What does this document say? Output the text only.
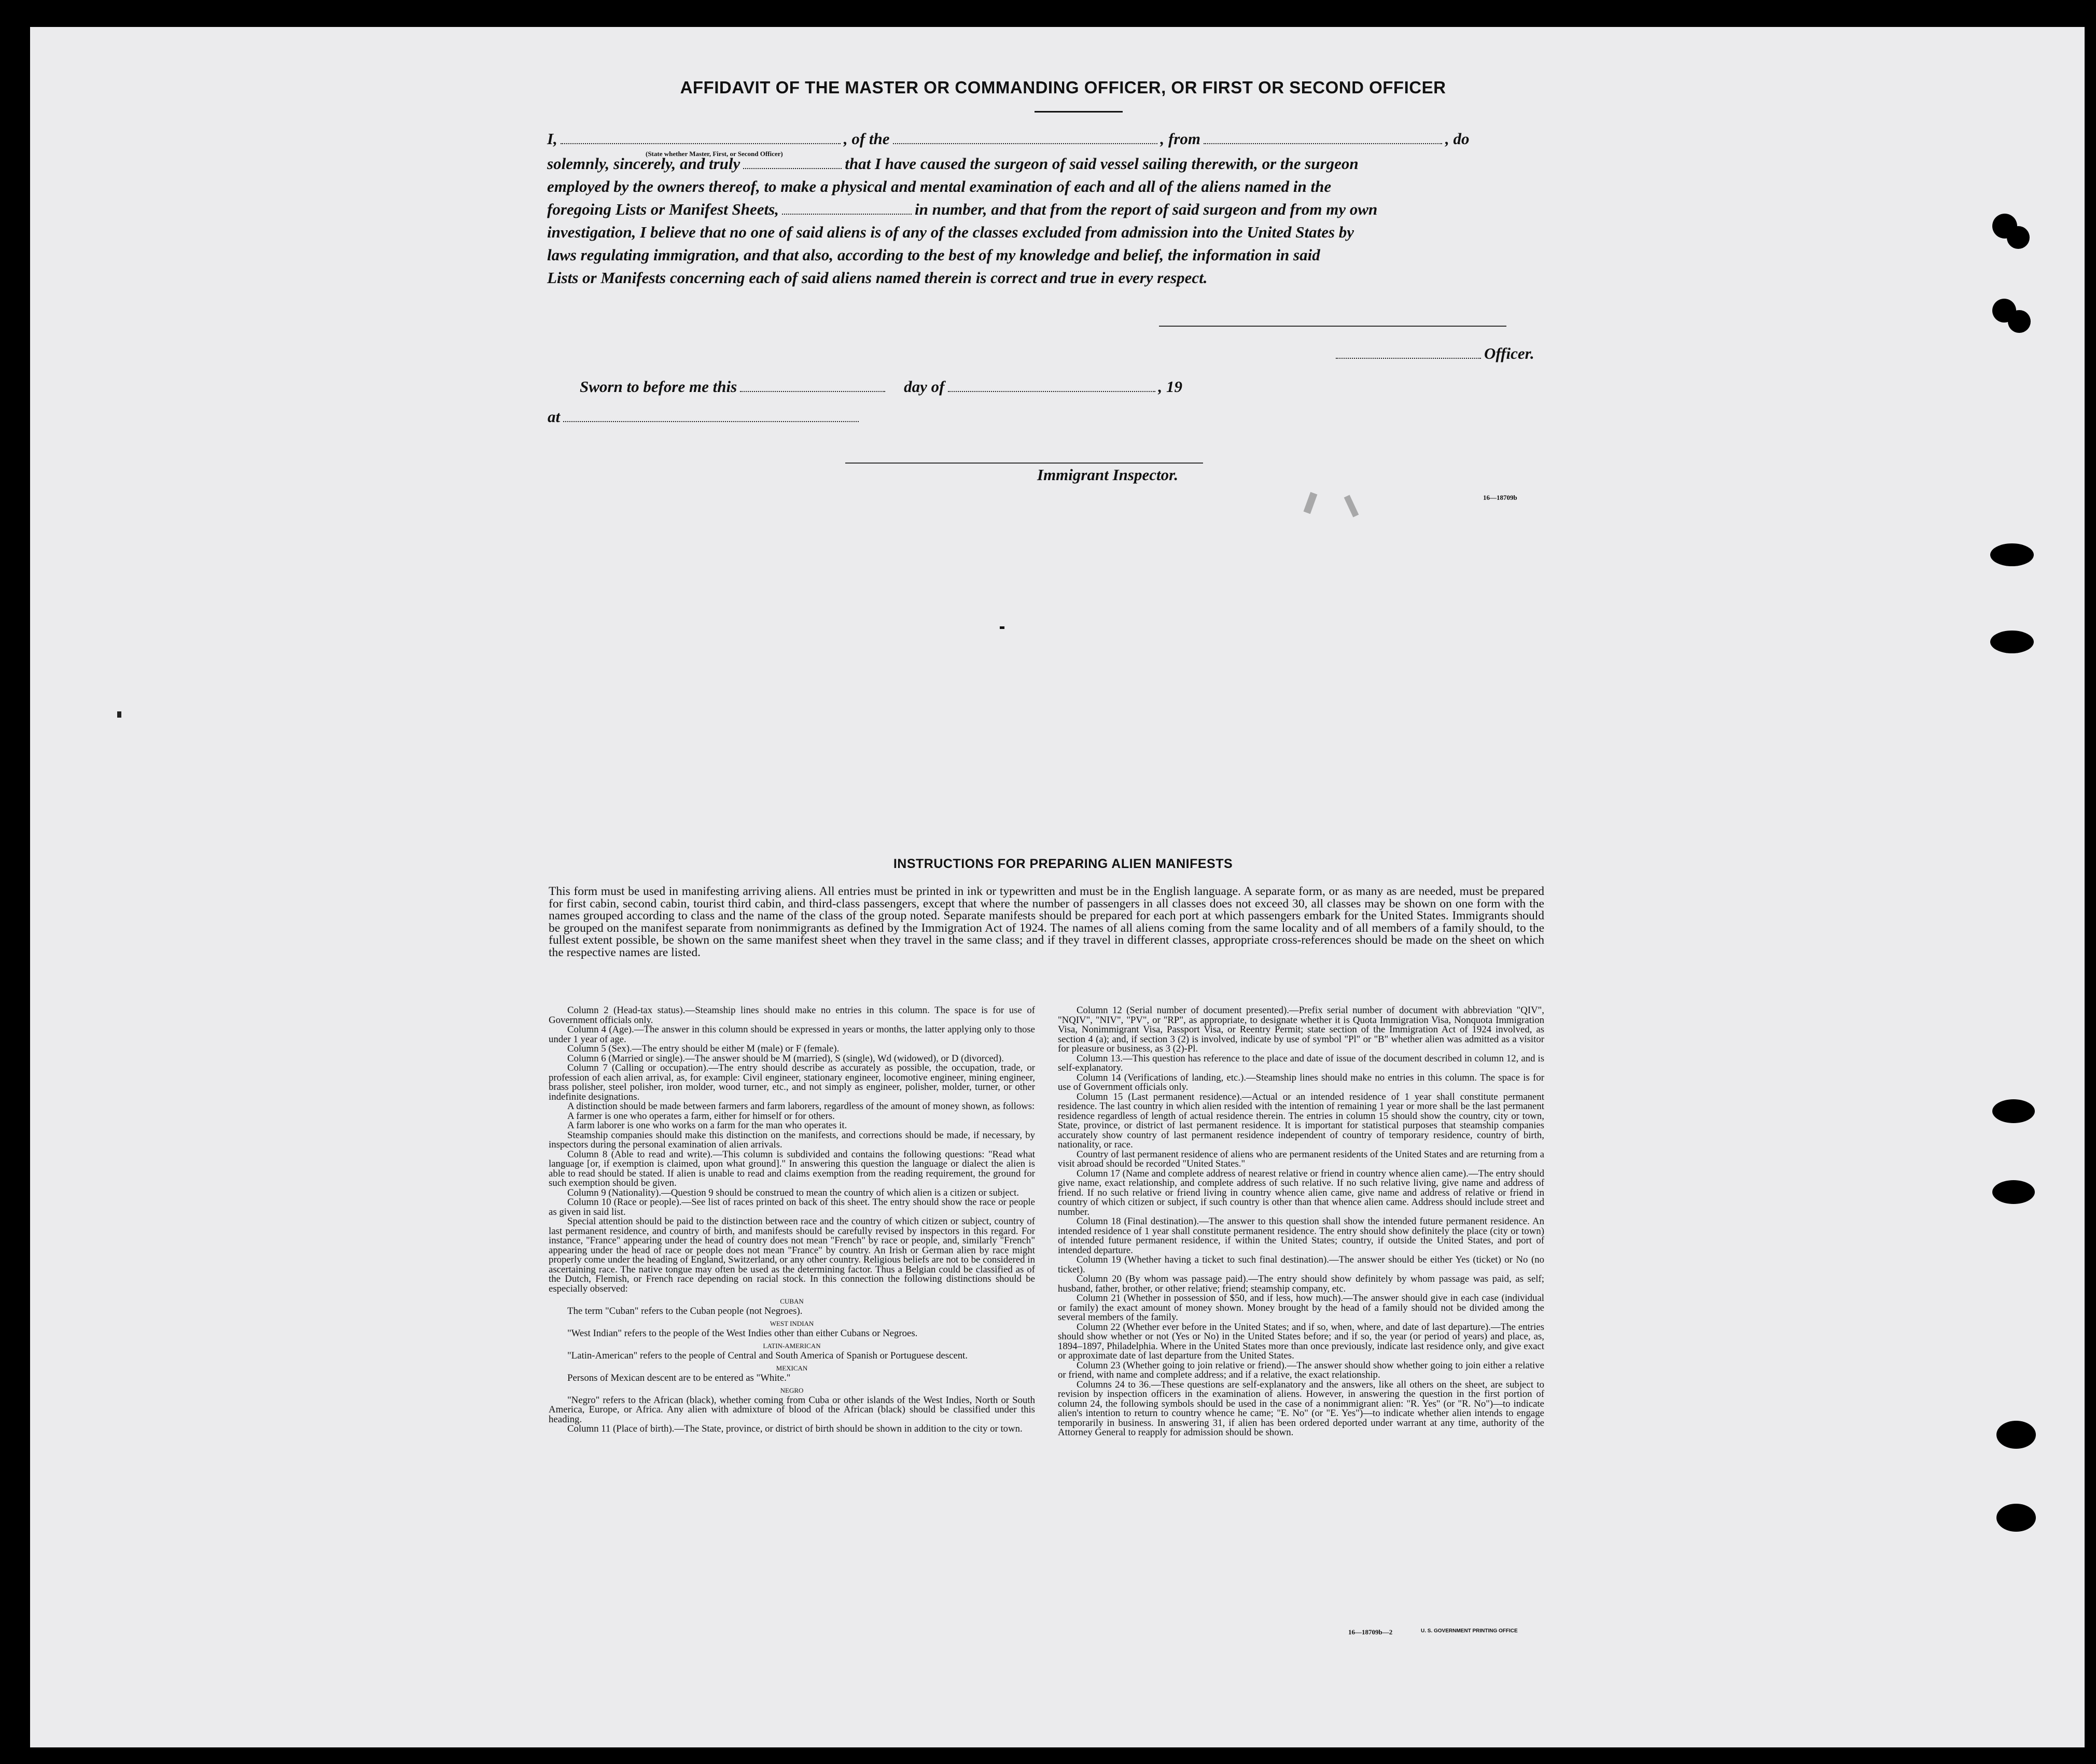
AFFIDAVIT OF THE MASTER OR COMMANDING OFFICER, OR FIRST OR SECOND OFFICER
I,	, of the	, from	, do
(State whether Master, First, or Second Officer)
solemnly, sincerely, and truly	that I have caused the surgeon of said vessel sailing therewith, or the surgeon
employed by the owners thereof, to make a physical and mental examination of each and all of the aliens named in the
foregoing Lists or Manifest Sheets,	in number, and that from the report of said surgeon and from my own
investigation, I believe that no one of said aliens is of any of the classes excluded from admission into the United States by
laws regulating immigration, and that also, according to the best of my knowledge and belief, the information in said
Lists or Manifests concerning each of said aliens named therein is correct and true in every respect.
Officer.
Sworn to before me this	day of	, 19
at
Immigrant Inspector.
16—18709b
INSTRUCTIONS FOR PREPARING ALIEN MANIFESTS
This form must be used in manifesting arriving aliens. All entries must be printed in ink or typewritten and must be in the English language. A separate form, or as many as are needed, must be prepared for first cabin, second cabin, tourist third cabin, and third-class passengers, except that where the number of passengers in all classes does not exceed 30, all classes may be shown on one form with the names grouped according to class and the name of the class of the group noted. Separate manifests should be prepared for each port at which passengers embark for the United States. Immigrants should be grouped on the manifest separate from nonimmigrants as defined by the Immigration Act of 1924. The names of all aliens coming from the same locality and of all members of a family should, to the fullest extent possible, be shown on the same manifest sheet when they travel in the same class; and if they travel in different classes, appropriate cross-references should be made on the sheet on which the respective names are listed.

Column 2 (Head-tax status).—Steamship lines should make no entries in this column. The space is for use of Government officials only.

Column 4 (Age).—The answer in this column should be expressed in years or months, the latter applying only to those under 1 year of age.

Column 5 (Sex).—The entry should be either M (male) or F (female).

Column 6 (Married or single).—The answer should be M (married), S (single), Wd (widowed), or D (divorced).

Column 7 (Calling or occupation).—The entry should describe as accurately as possible, the occupation, trade, or profession of each alien arrival, as, for example: Civil engineer, stationary engineer, locomotive engineer, mining engineer, brass polisher, steel polisher, iron molder, wood turner, etc., and not simply as engineer, polisher, molder, turner, or other indefinite designations.

A distinction should be made between farmers and farm laborers, regardless of the amount of money shown, as follows:

A farmer is one who operates a farm, either for himself or for others.

A farm laborer is one who works on a farm for the man who operates it.

Steamship companies should make this distinction on the manifests, and corrections should be made, if necessary, by inspectors during the personal examination of alien arrivals.

Column 8 (Able to read and write).—This column is subdivided and contains the following questions: "Read what language [or, if exemption is claimed, upon what ground]." In answering this question the language or dialect the alien is able to read should be stated. If alien is unable to read and claims exemption from the reading requirement, the ground for such exemption should be given.

Column 9 (Nationality).—Question 9 should be construed to mean the country of which alien is a citizen or subject.

Column 10 (Race or people).—See list of races printed on back of this sheet. The entry should show the race or people as given in said list.

Special attention should be paid to the distinction between race and the country of which citizen or subject, country of last permanent residence, and country of birth, and manifests should be carefully revised by inspectors in this regard. For instance, "France" appearing under the head of country does not mean "French" by race or people, and, similarly "French" appearing under the head of race or people does not mean "France" by country. An Irish or German alien by race might properly come under the heading of England, Switzerland, or any other country. Religious beliefs are not to be considered in ascertaining race. The native tongue may often be used as the determining factor. Thus a Belgian could be classified as of the Dutch, Flemish, or French race depending on racial stock. In this connection the following distinctions should be especially observed:

CUBAN

The term "Cuban" refers to the Cuban people (not Negroes).

WEST INDIAN

"West Indian" refers to the people of the West Indies other than either Cubans or Negroes.

LATIN-AMERICAN

"Latin-American" refers to the people of Central and South America of Spanish or Portuguese descent.

MEXICAN

Persons of Mexican descent are to be entered as "White."

NEGRO

"Negro" refers to the African (black), whether coming from Cuba or other islands of the West Indies, North or South America, Europe, or Africa. Any alien with admixture of blood of the African (black) should be classified under this heading.

Column 11 (Place of birth).—The State, province, or district of birth should be shown in addition to the city or town.

Column 12 (Serial number of document presented).—Prefix serial number of document with abbreviation "QIV", "NQIV", "NIV", "PV", or "RP", as appropriate, to designate whether it is Quota Immigration Visa, Nonquota Immigration Visa, Nonimmigrant Visa, Passport Visa, or Reentry Permit; state section of the Immigration Act of 1924 involved, as section 4 (a); and, if section 3 (2) is involved, indicate by use of symbol "Pl" or "B" whether alien was admitted as a visitor for pleasure or business, as 3 (2)-Pl.

Column 13.—This question has reference to the place and date of issue of the document described in column 12, and is self-explanatory.

Column 14 (Verifications of landing, etc.).—Steamship lines should make no entries in this column. The space is for use of Government officials only.

Column 15 (Last permanent residence).—Actual or an intended residence of 1 year shall constitute permanent residence. The last country in which alien resided with the intention of remaining 1 year or more shall be the last permanent residence regardless of length of actual residence therein. The entries in column 15 should show the country, city or town, State, province, or district of last permanent residence. It is important for statistical purposes that steamship companies accurately show country of last permanent residence independent of country of temporary residence, country of birth, nationality, or race.

Country of last permanent residence of aliens who are permanent residents of the United States and are returning from a visit abroad should be recorded "United States."

Column 17 (Name and complete address of nearest relative or friend in country whence alien came).—The entry should give name, exact relationship, and complete address of such relative. If no such relative living, give name and address of friend. If no such relative or friend living in country whence alien came, give name and address of relative or friend in country of which citizen or subject, if such country is other than that whence alien came. Address should include street and number.

Column 18 (Final destination).—The answer to this question shall show the intended future permanent residence. An intended residence of 1 year shall constitute permanent residence. The entry should show definitely the place (city or town) of intended future permanent residence, if within the United States; country, if outside the United States, and port of intended departure.

Column 19 (Whether having a ticket to such final destination).—The answer should be either Yes (ticket) or No (no ticket).

Column 20 (By whom was passage paid).—The entry should show definitely by whom passage was paid, as self; husband, father, brother, or other relative; friend; steamship company, etc.

Column 21 (Whether in possession of $50, and if less, how much).—The answer should give in each case (individual or family) the exact amount of money shown. Money brought by the head of a family should not be divided among the several members of the family.

Column 22 (Whether ever before in the United States; and if so, when, where, and date of last departure).—The entries should show whether or not (Yes or No) in the United States before; and if so, the year (or period of years) and place, as, 1894–1897, Philadelphia. Where in the United States more than once previously, indicate last residence only, and give exact or approximate date of last departure from the United States.

Column 23 (Whether going to join relative or friend).—The answer should show whether going to join either a relative or friend, with name and complete address; and if a relative, the exact relationship.

Columns 24 to 36.—These questions are self-explanatory and the answers, like all others on the sheet, are subject to revision by inspection officers in the examination of aliens. However, in answering the question in the first portion of column 24, the following symbols should be used in the case of a nonimmigrant alien: "R. Yes" (or "R. No")—to indicate alien's intention to return to country whence he came; "E. No" (or "E. Yes")—to indicate whether alien intends to engage temporarily in business. In answering 31, if alien has been ordered deported under warrant at any time, authority of the Attorney General to reapply for admission should be shown.

16—18709b—2	U. S. GOVERNMENT PRINTING OFFICE
